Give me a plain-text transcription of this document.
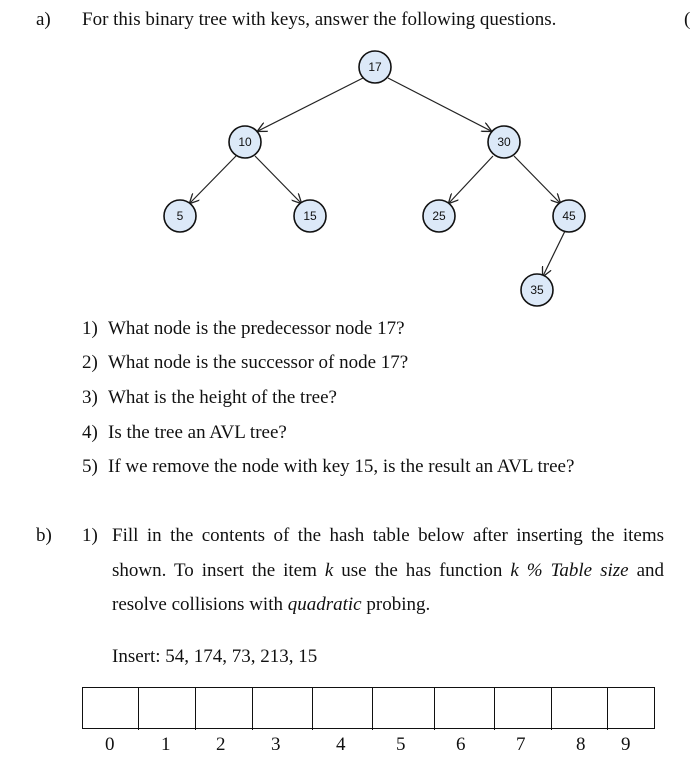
a) For this binary tree with keys, answer the following questions.	(
17
10	30
5	15	25	45
35
1) What node is the predecessor node 17?
2) What node is the successor of node 17?
3) What is the height of the tree?
4) Is the tree an AVL tree?
5) If we remove the node with key 15, is the result an AVL tree?
b) 1) Fill in the contents of the hash table below after inserting the items
shown. To insert the item k use the has function k % Table size and
resolve collisions with quadratic probing.
Insert: 54, 174, 73, 213, 15
0 1 2 3	4	5	6	7	8 9
